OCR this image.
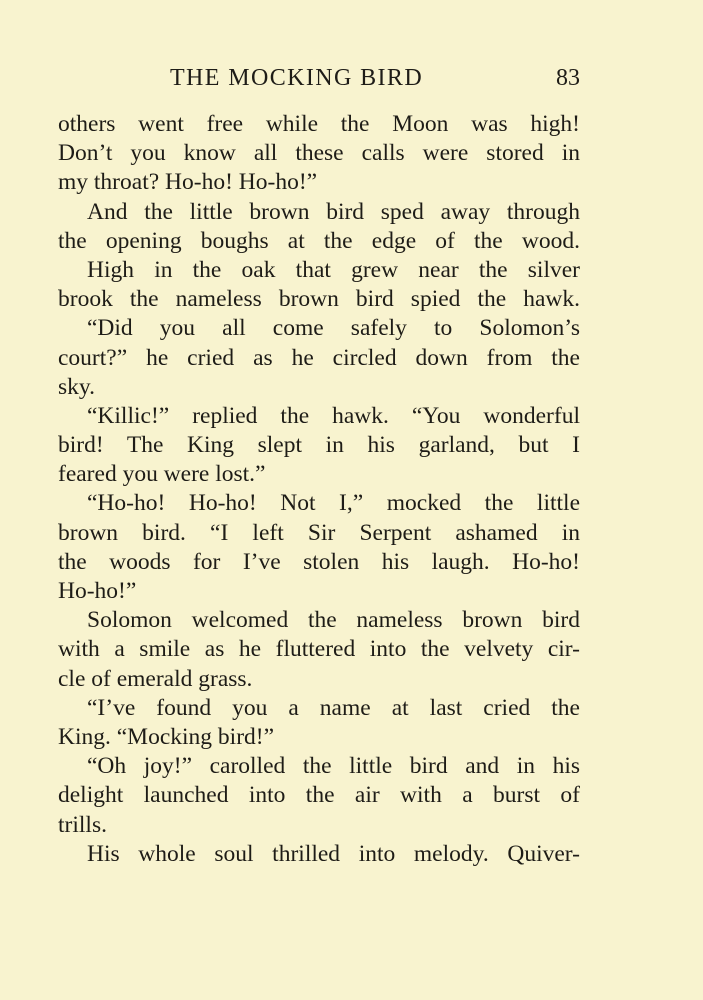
THE MOCKING BIRD	83
others went free while the Moon was high!
Don’t you know all these calls were stored in
my throat? Ho-ho! Ho-ho!”
And the little brown bird sped away through
the opening boughs at the edge of the wood.
High in the oak that grew near the silver
brook the nameless brown bird spied the hawk.
“Did you all come safely to Solomon’s
court?” he cried as he circled down from the
sky.
“Killic!” replied the hawk. “You wonderful
bird! The King slept in his garland, but I
feared you were lost.”
“Ho-ho! Ho-ho! Not I,” mocked the little
brown bird. “I left Sir Serpent ashamed in
the woods for I’ve stolen his laugh. Ho-ho!
Ho-ho!”
Solomon welcomed the nameless brown bird
with a smile as he fluttered into the velvety cir-
cle of emerald grass.
“I’ve found you a name at last cried the
King. “Mocking bird!”
“Oh joy!” carolled the little bird and in his
delight launched into the air with a burst of
trills.
His whole soul thrilled into melody. Quiver-
